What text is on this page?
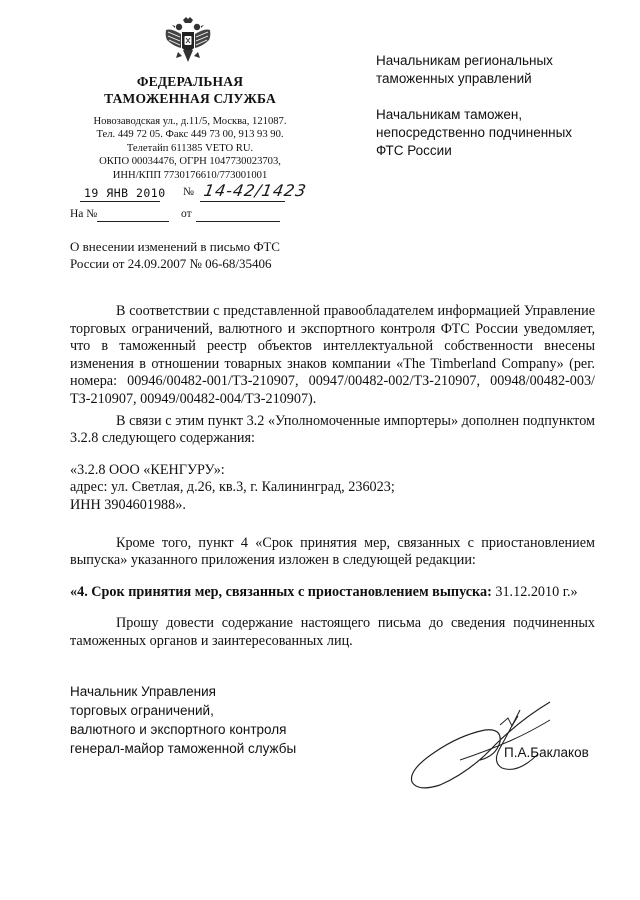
ФЕДЕРАЛЬНАЯ
ТАМОЖЕННАЯ СЛУЖБА
Новозаводская ул., д.11/5, Москва, 121087.
Тел. 449 72 05. Факс 449 73 00, 913 93 90.
Телетайп 611385 VETO RU.
ОКПО 00034476, ОГРН 1047730023703,
ИНН/КПП 7730176610/773001001
19 ЯНВ 2010 № 14-42/1423
На №	от
О внесении изменений в письмо ФТС
России от 24.09.2007 № 06-68/35406
Начальникам региональных
таможенных управлений
Начальникам таможен,
непосредственно подчиненных
ФТС России

В соответствии с представленной правообладателем информацией Управление торговых ограничений, валютного и экспортного контроля ФТС России уведомляет, что в таможенный реестр объектов интеллектуальной собственности внесены изменения в отношении товарных знаков компании «The Timberland Company» (рег. номера: 00946/00482-001/ТЗ-210907, 00947/00482-002/ТЗ-210907, 00948/00482-003/ТЗ-210907, 00949/00482-004/ТЗ-210907).

В связи с этим пункт 3.2 «Уполномоченные импортеры» дополнен подпунктом 3.2.8 следующего содержания:

«3.2.8 ООО «КЕНГУРУ»:

адрес: ул. Светлая, д.26, кв.3, г. Калининград, 236023;

ИНН 3904601988».

Кроме того, пункт 4 «Срок принятия мер, связанных с приостановлением выпуска» указанного приложения изложен в следующей редакции:

«4. Срок принятия мер, связанных с приостановлением выпуска: 31.12.2010 г.»

Прошу довести содержание настоящего письма до сведения подчиненных таможенных органов и заинтересованных лиц.

Начальник Управления
торговых ограничений,
валютного и экспортного контроля
генерал-майор таможенной службы	П.А.Баклаков
